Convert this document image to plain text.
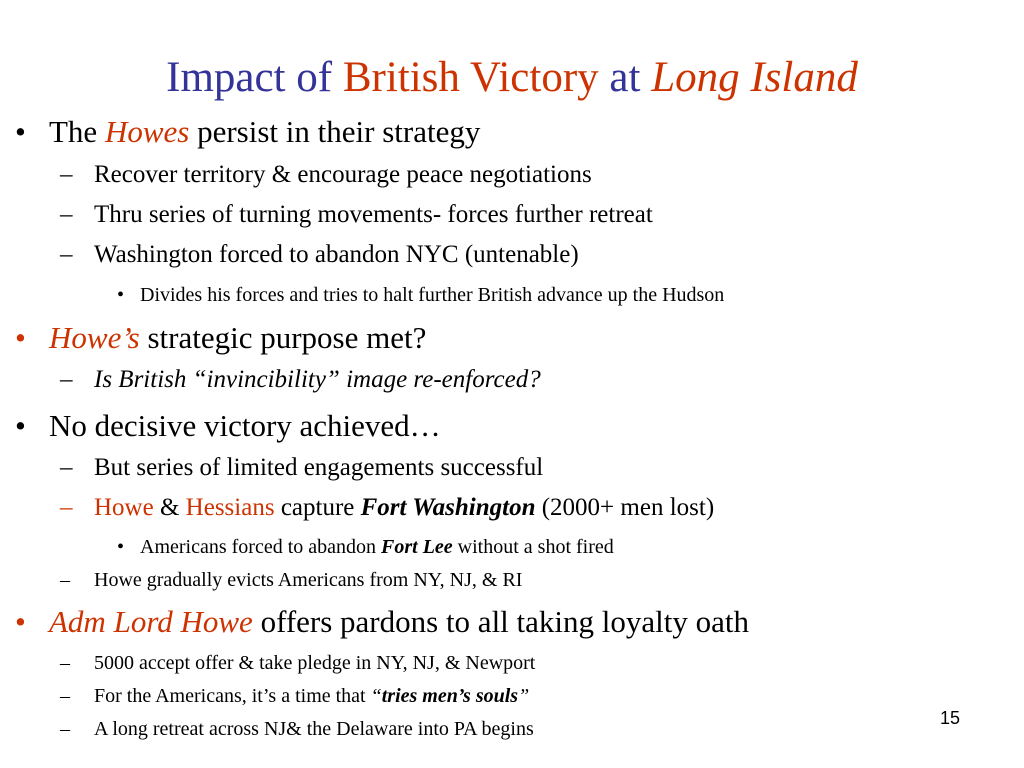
Impact of British Victory at Long Island
• The Howes persist in their strategy
– Recover territory & encourage peace negotiations
– Thru series of turning movements- forces further retreat
– Washington forced to abandon NYC (untenable)
• Divides his forces and tries to halt further British advance up the Hudson
• Howe’s strategic purpose met?
– Is British “invincibility” image re-enforced?
• No decisive victory achieved…
– But series of limited engagements successful
– Howe & Hessians capture Fort Washington (2000+ men lost)
• Americans forced to abandon Fort Lee without a shot fired
– Howe gradually evicts Americans from NY, NJ, & RI
• Adm Lord Howe offers pardons to all taking loyalty oath
– 5000 accept offer & take pledge in NY, NJ, & Newport
– For the Americans, it’s a time that “tries men’s souls”
– A long retreat across NJ& the Delaware into PA begins	15
